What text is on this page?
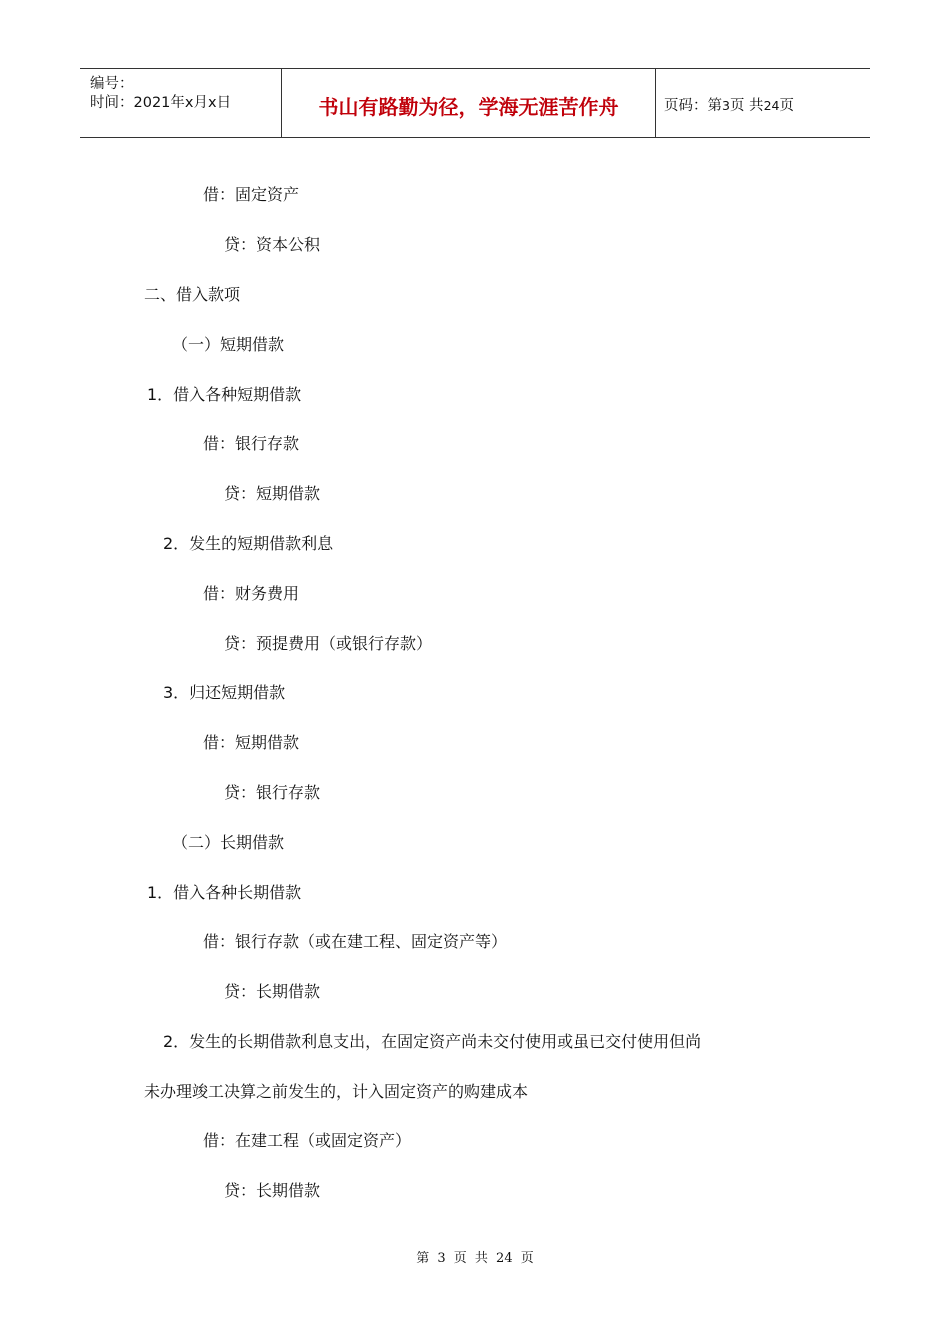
编号：
时间：2021年x月x日	书山有路勤为径，学海无涯苦作舟	页码：第3页 共24页
借：固定资产
贷：资本公积
二、借入款项
（一）短期借款
1．借入各种短期借款
借：银行存款
贷：短期借款
2．发生的短期借款利息
借：财务费用
贷：预提费用（或银行存款）
3．归还短期借款
借：短期借款
贷：银行存款
（二）长期借款
1．借入各种长期借款
借：银行存款（或在建工程、固定资产等）
贷：长期借款
2．发生的长期借款利息支出，在固定资产尚未交付使用或虽已交付使用但尚
未办理竣工决算之前发生的，计入固定资产的购建成本
借：在建工程（或固定资产）
贷：长期借款
第 3 页 共 24 页
